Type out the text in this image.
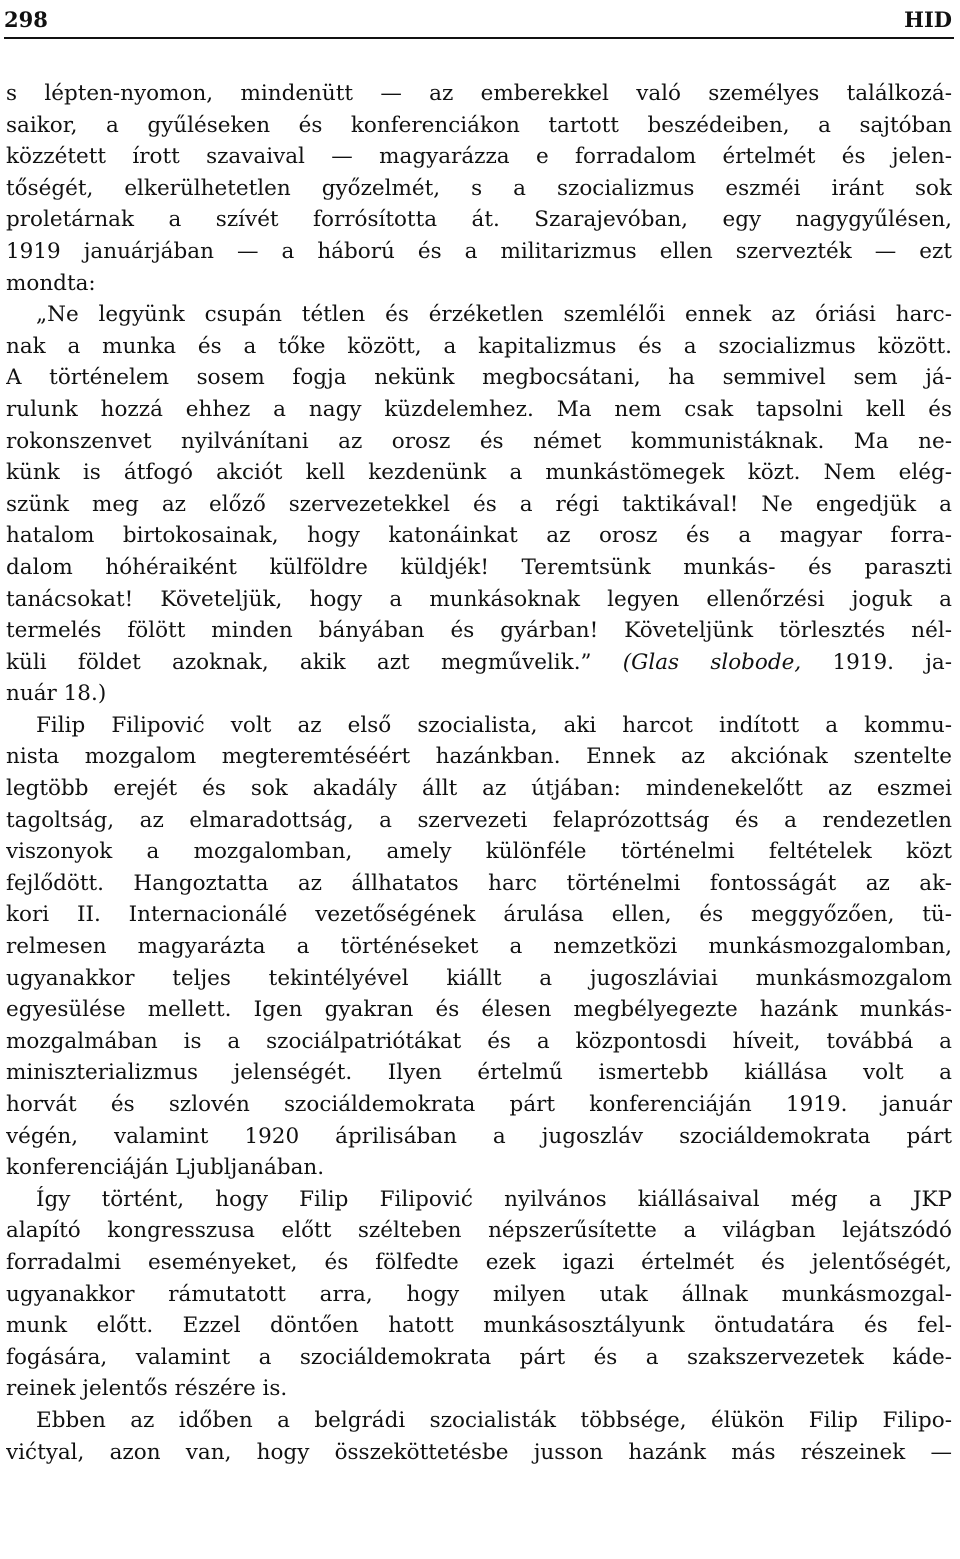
298	HID
s lépten-nyomon, mindenütt — az emberekkel való személyes találkozá-
saikor, a gyűléseken és konferenciákon tartott beszédeiben, a sajtóban
közzétett írott szavaival — magyarázza e forradalom értelmét és jelen-
tőségét, elkerülhetetlen győzelmét, s a szocializmus eszméi iránt sok
proletárnak a szívét forrósította át. Szarajevóban, egy nagygyűlésen,
1919 januárjában — a háború és a militarizmus ellen szervezték — ezt
mondta:
„Ne legyünk csupán tétlen és érzéketlen szemlélői ennek az óriási harc-
nak a munka és a tőke között, a kapitalizmus és a szocializmus között.
A történelem sosem fogja nekünk megbocsátani, ha semmivel sem já-
rulunk hozzá ehhez a nagy küzdelemhez. Ma nem csak tapsolni kell és
rokonszenvet nyilvánítani az orosz és német kommunistáknak. Ma ne-
künk is átfogó akciót kell kezdenünk a munkástömegek közt. Nem elég-
szünk meg az előző szervezetekkel és a régi taktikával! Ne engedjük a
hatalom birtokosainak, hogy katonáinkat az orosz és a magyar forra-
dalom hóhéraiként külföldre küldjék! Teremtsünk munkás- és paraszti
tanácsokat! Követeljük, hogy a munkásoknak legyen ellenőrzési joguk a
termelés fölött minden bányában és gyárban! Követeljünk törlesztés nél-
küli földet azoknak, akik azt megművelik.” (Glas slobode, 1919. ja-
nuár 18.)
Filip Filipović volt az első szocialista, aki harcot indított a kommu-
nista mozgalom megteremtéséért hazánkban. Ennek az akciónak szentelte
legtöbb erejét és sok akadály állt az útjában: mindenekelőtt az eszmei
tagoltság, az elmaradottság, a szervezeti felaprózottság és a rendezetlen
viszonyok a mozgalomban, amely különféle történelmi feltételek közt
fejlődött. Hangoztatta az állhatatos harc történelmi fontosságát az ak-
kori II. Internacionálé vezetőségének árulása ellen, és meggyőzően, tü-
relmesen magyarázta a történéseket a nemzetközi munkásmozgalomban,
ugyanakkor teljes tekintélyével kiállt a jugoszláviai munkásmozgalom
egyesülése mellett. Igen gyakran és élesen megbélyegezte hazánk munkás-
mozgalmában is a szociálpatriótákat és a központosdi híveit, továbbá a
miniszterializmus jelenségét. Ilyen értelmű ismertebb kiállása volt a
horvát és szlovén szociáldemokrata párt konferenciáján 1919. január
végén, valamint 1920 áprilisában a jugoszláv szociáldemokrata párt
konferenciáján Ljubljanában.
Így történt, hogy Filip Filipović nyilvános kiállásaival még a JKP
alapító kongresszusa előtt szélteben népszerűsítette a világban lejátszódó
forradalmi eseményeket, és fölfedte ezek igazi értelmét és jelentőségét,
ugyanakkor rámutatott arra, hogy milyen utak állnak munkásmozgal-
munk előtt. Ezzel döntően hatott munkásosztályunk öntudatára és fel-
fogására, valamint a szociáldemokrata párt és a szakszervezetek káde-
reinek jelentős részére is.
Ebben az időben a belgrádi szocialisták többsége, élükön Filip Filipo-
vićtyal, azon van, hogy összeköttetésbe jusson hazánk más részeinek —
